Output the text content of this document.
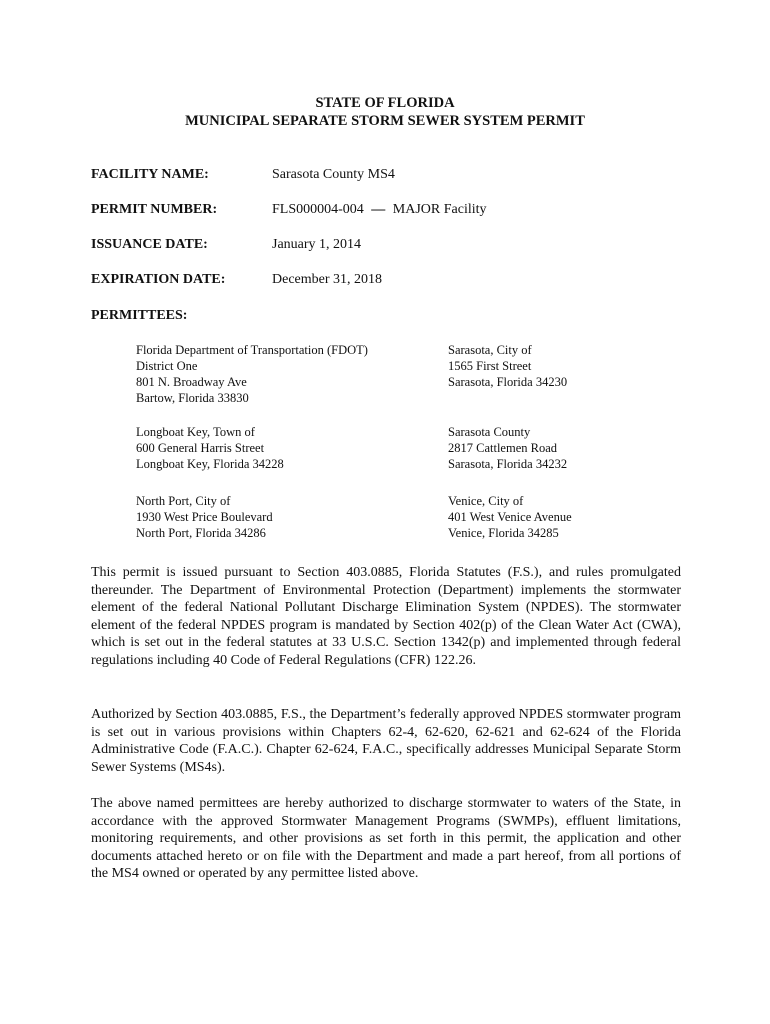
STATE OF FLORIDA
MUNICIPAL SEPARATE STORM SEWER SYSTEM PERMIT
FACILITY NAME:	Sarasota County MS4
PERMIT NUMBER:	FLS000004-004 — MAJOR Facility
ISSUANCE DATE:	January 1, 2014
EXPIRATION DATE:	December 31, 2018
PERMITTEES:
Florida Department of Transportation (FDOT)
District One
801 N. Broadway Ave
Bartow, Florida 33830
Sarasota, City of
1565 First Street
Sarasota, Florida 34230
Longboat Key, Town of
600 General Harris Street
Longboat Key, Florida 34228
Sarasota County
2817 Cattlemen Road
Sarasota, Florida 34232
North Port, City of
1930 West Price Boulevard
North Port, Florida 34286
Venice, City of
401 West Venice Avenue
Venice, Florida 34285

This permit is issued pursuant to Section 403.0885, Florida Statutes (F.S.), and rules promulgated thereunder. The Department of Environmental Protection (Department) implements the stormwater element of the federal National Pollutant Discharge Elimination System (NPDES). The stormwater element of the federal NPDES program is mandated by Section 402(p) of the Clean Water Act (CWA), which is set out in the federal statutes at 33 U.S.C. Section 1342(p) and implemented through federal regulations including 40 Code of Federal Regulations (CFR) 122.26.

Authorized by Section 403.0885, F.S., the Department’s federally approved NPDES stormwater program is set out in various provisions within Chapters 62-4, 62-620, 62-621 and 62-624 of the Florida Administrative Code (F.A.C.). Chapter 62-624, F.A.C., specifically addresses Municipal Separate Storm Sewer Systems (MS4s).

The above named permittees are hereby authorized to discharge stormwater to waters of the State, in accordance with the approved Stormwater Management Programs (SWMPs), effluent limitations, monitoring requirements, and other provisions as set forth in this permit, the application and other documents attached hereto or on file with the Department and made a part hereof, from all portions of the MS4 owned or operated by any permittee listed above.
